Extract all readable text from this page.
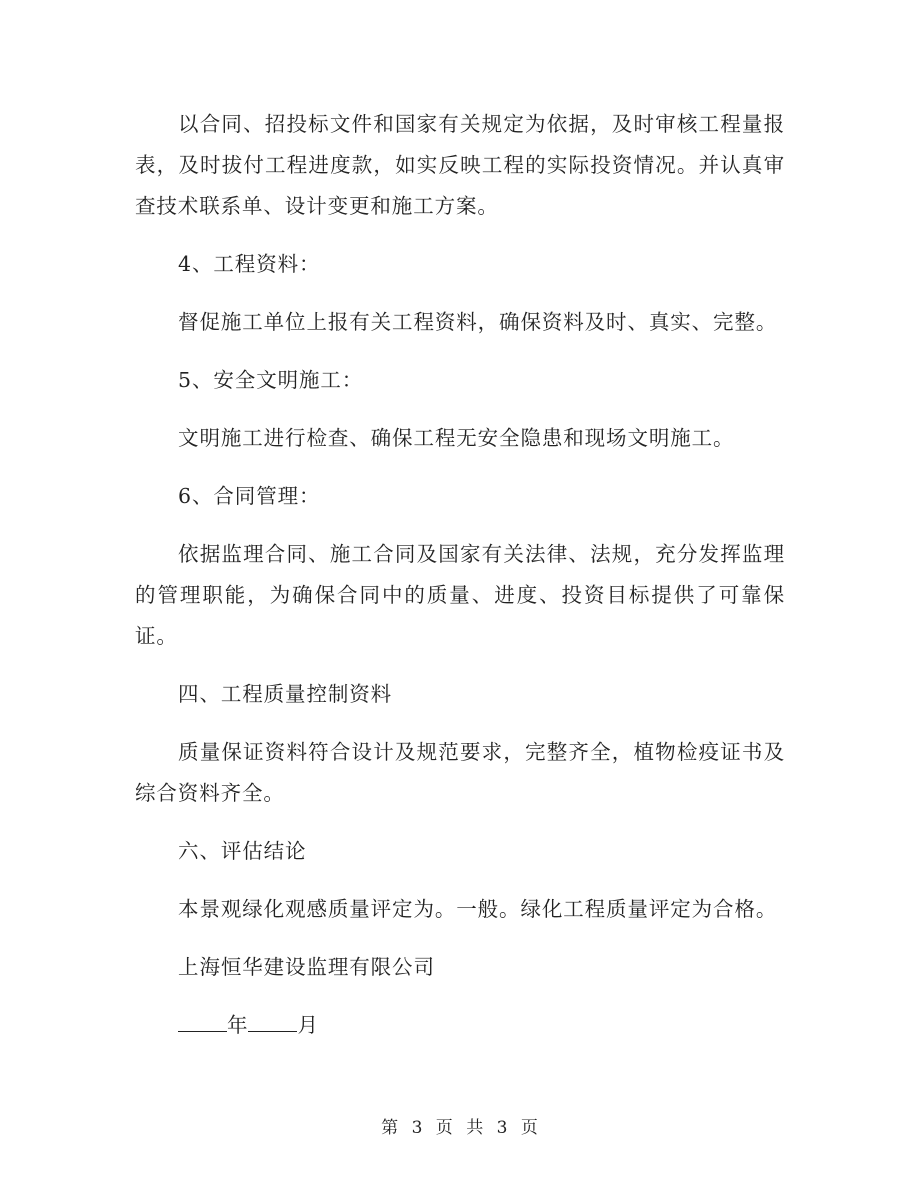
以合同、招投标文件和国家有关规定为依据，及时审核工程量报表，及时拔付工程进度款，如实反映工程的实际投资情况。并认真审查技术联系单、设计变更和施工方案。

4、工程资料：

督促施工单位上报有关工程资料，确保资料及时、真实、完整。

5、安全文明施工：

文明施工进行检查、确保工程无安全隐患和现场文明施工。

6、合同管理：

依据监理合同、施工合同及国家有关法律、法规，充分发挥监理的管理职能，为确保合同中的质量、进度、投资目标提供了可靠保证。

四、工程质量控制资料

质量保证资料符合设计及规范要求，完整齐全，植物检疫证书及综合资料齐全。

六、评估结论

本景观绿化观感质量评定为。一般。绿化工程质量评定为合格。

上海恒华建设监理有限公司

年 月

第 3 页 共 3 页
